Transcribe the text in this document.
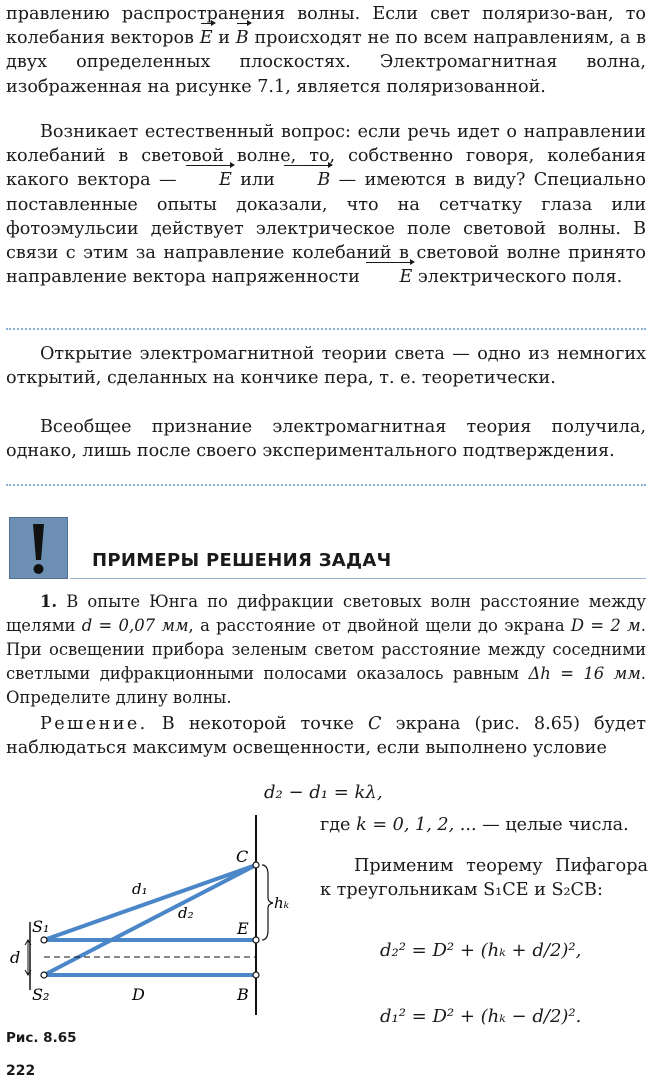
правлению распространения волны. Если свет поляризо-ван, то колебания векторов E и B происходят не по всем направлениям, а в двух определенных плоскостях. Электромагнитная волна, изображенная на рисунке 7.1, является поляризованной.

Возникает естественный вопрос: если речь идет о направлении колебаний в световой волне, то, собственно говоря, колебания какого вектора — E или B — имеются в виду? Специально поставленные опыты доказали, что на сетчатку глаза или фотоэмульсии действует электрическое поле световой волны. В связи с этим за направление колебаний в световой волне принято направление вектора напряженности E электрического поля.

Открытие электромагнитной теории света — одно из немногих открытий, сделанных на кончике пера, т. е. теоретически.

Всеобщее признание электромагнитная теория получила, однако, лишь после своего экспериментального подтверждения.

ПРИМЕРЫ РЕШЕНИЯ ЗАДАЧ

1. В опыте Юнга по дифракции световых волн расстояние между щелями d = 0,07 мм, а расстояние от двойной щели до экрана D = 2 м. При освещении прибора зеленым светом расстояние между соседними светлыми дифракционными полосами оказалось равным Δh = 16 мм. Определите длину волны.

Решение. В некоторой точке C экрана (рис. 8.65) будет наблюдаться максимум освещенности, если выполнено условие

d₂ − d₁ = kλ,

где k = 0, 1, 2, ... — целые числа.

Применим теорему Пифагора к треугольникам S₁CE и S₂CB:

d₂² = D² + (hₖ + d/2)²,
d₁² = D² + (hₖ − d/2)².
C
d₁
d₂
S₁	E
hₖ
d
S₂	D	B
Рис. 8.65
222
